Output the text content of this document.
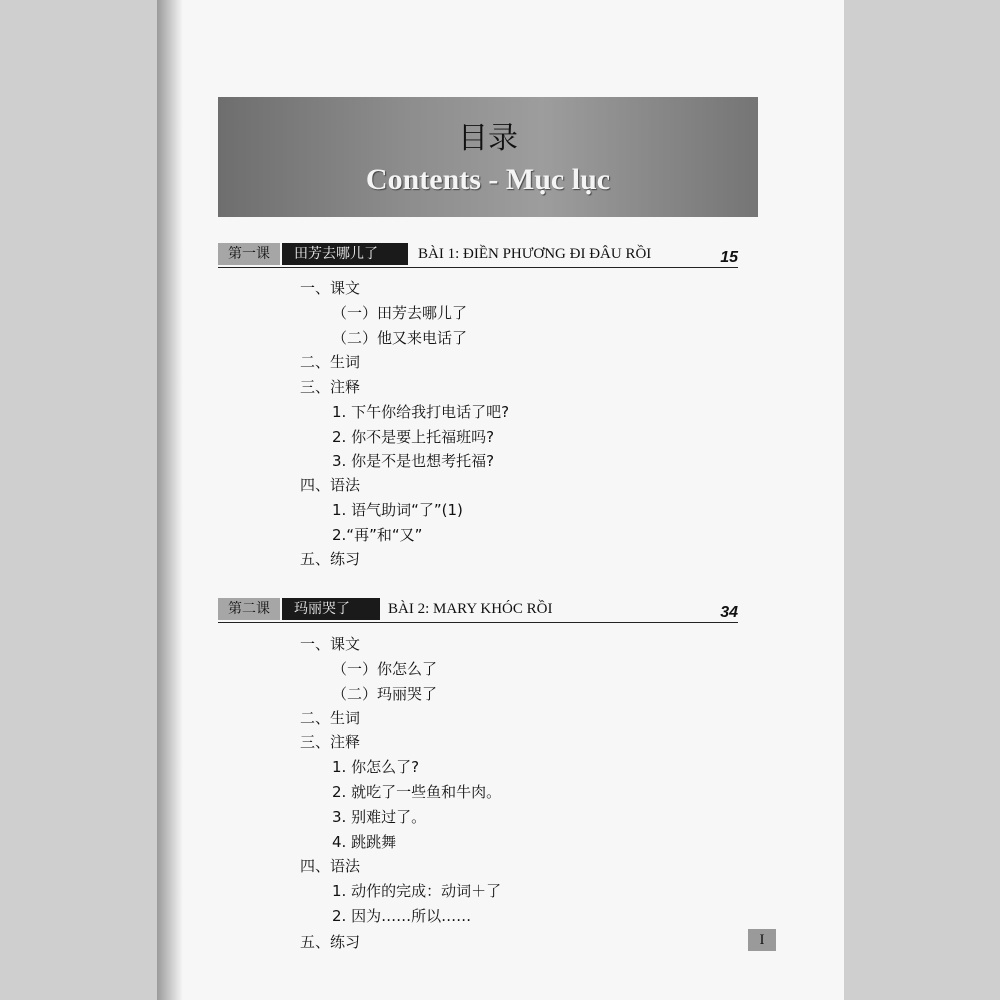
目录
Contents - Mục lục
第一课	田芳去哪儿了	BÀI 1: ĐIỀN PHƯƠNG ĐI ĐÂU RỒI	15
一、课文
（一）田芳去哪儿了
（二）他又来电话了
二、生词
三、注释
1. 下午你给我打电话了吧?
2. 你不是要上托福班吗?
3. 你是不是也想考托福?
四、语法
1. 语气助词“了”(1)
2.“再”和“又”
五、练习
第二课	玛丽哭了	BÀI 2: MARY KHÓC RỒI	34
一、课文
（一）你怎么了
（二）玛丽哭了
二、生词
三、注释
1. 你怎么了?
2. 就吃了一些鱼和牛肉。
3. 别难过了。
4. 跳跳舞
四、语法
1. 动作的完成：动词＋了
2. 因为……所以……
五、练习	I
